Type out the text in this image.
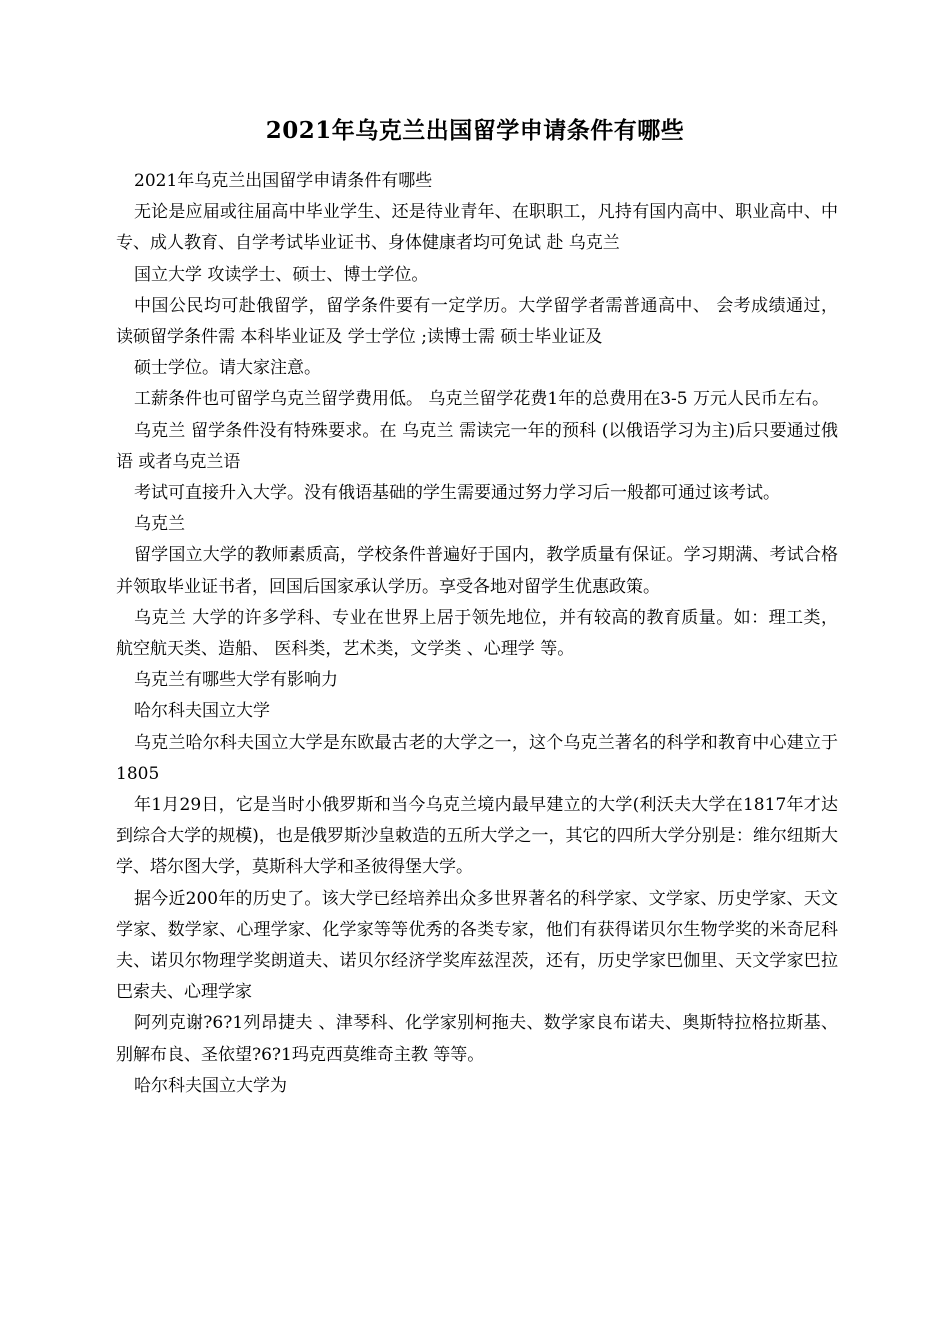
2021年乌克兰出国留学申请条件有哪些

2021年乌克兰出国留学申请条件有哪些

无论是应届或往届高中毕业学生、还是待业青年、在职职工，凡持有国内高中、职业高中、中专、成人教育、自学考试毕业证书、身体健康者均可免试 赴 乌克兰

国立大学 攻读学士、硕士、博士学位。

中国公民均可赴俄留学，留学条件要有一定学历。大学留学者需普通高中、 会考成绩通过， 读硕留学条件需 本科毕业证及 学士学位 ;读博士需 硕士毕业证及

硕士学位。请大家注意。

工薪条件也可留学乌克兰留学费用低。 乌克兰留学花费1年的总费用在3-5 万元人民币左右。

乌克兰 留学条件没有特殊要求。在 乌克兰 需读完一年的预科 (以俄语学习为主)后只要通过俄语 或者乌克兰语

考试可直接升入大学。没有俄语基础的学生需要通过努力学习后一般都可通过该考试。

乌克兰

留学国立大学的教师素质高，学校条件普遍好于国内，教学质量有保证。学习期满、考试合格并领取毕业证书者，回国后国家承认学历。享受各地对留学生优惠政策。

乌克兰 大学的许多学科、专业在世界上居于领先地位，并有较高的教育质量。如：理工类， 航空航天类、造船、 医科类，艺术类，文学类 、心理学 等。

乌克兰有哪些大学有影响力

哈尔科夫国立大学

乌克兰哈尔科夫国立大学是东欧最古老的大学之一，这个乌克兰著名的科学和教育中心建立于 1805

年1月29日，它是当时小俄罗斯和当今乌克兰境内最早建立的大学(利沃夫大学在1817年才达到综合大学的规模)，也是俄罗斯沙皇敕造的五所大学之一，其它的四所大学分别是：维尔纽斯大学、塔尔图大学，莫斯科大学和圣彼得堡大学。

据今近200年的历史了。该大学已经培养出众多世界著名的科学家、文学家、历史学家、天文学家、数学家、心理学家、化学家等等优秀的各类专家，他们有获得诺贝尔生物学奖的米奇尼科夫、诺贝尔物理学奖朗道夫、诺贝尔经济学奖库兹涅茨，还有，历史学家巴伽里、天文学家巴拉巴索夫、心理学家

阿列克谢?6?1列昂捷夫 、津琴科、化学家别柯拖夫、数学家良布诺夫、奥斯特拉格拉斯基、别解布良、圣依望?6?1玛克西莫维奇主教 等等。

哈尔科夫国立大学为
